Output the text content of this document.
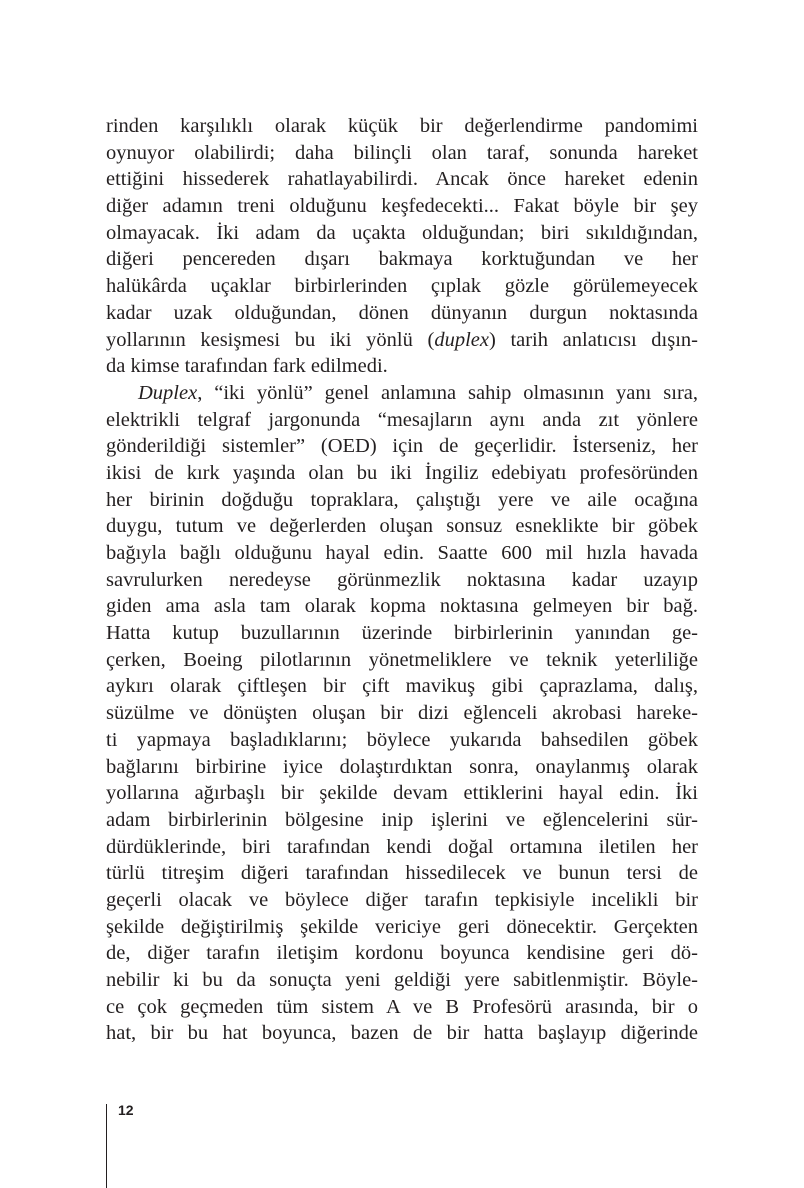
rinden karşılıklı olarak küçük bir değerlendirme pandomimi
oynuyor olabilirdi; daha bilinçli olan taraf, sonunda hareket
ettiğini hissederek rahatlayabilirdi. Ancak önce hareket edenin
diğer adamın treni olduğunu keşfedecekti... Fakat böyle bir şey
olmayacak. İki adam da uçakta olduğundan; biri sıkıldığından,
diğeri pencereden dışarı bakmaya korktuğundan ve her
halükârda uçaklar birbirlerinden çıplak gözle görülemeyecek
kadar uzak olduğundan, dönen dünyanın durgun noktasında
yollarının kesişmesi bu iki yönlü (duplex) tarih anlatıcısı dışın-
da kimse tarafından fark edilmedi.
Duplex, “iki yönlü” genel anlamına sahip olmasının yanı sıra,
elektrikli telgraf jargonunda “mesajların aynı anda zıt yönlere
gönderildiği sistemler” (OED) için de geçerlidir. İsterseniz, her
ikisi de kırk yaşında olan bu iki İngiliz edebiyatı profesöründen
her birinin doğduğu topraklara, çalıştığı yere ve aile ocağına
duygu, tutum ve değerlerden oluşan sonsuz esneklikte bir göbek
bağıyla bağlı olduğunu hayal edin. Saatte 600 mil hızla havada
savrulurken neredeyse görünmezlik noktasına kadar uzayıp
giden ama asla tam olarak kopma noktasına gelmeyen bir bağ.
Hatta kutup buzullarının üzerinde birbirlerinin yanından ge-
çerken, Boeing pilotlarının yönetmeliklere ve teknik yeterliliğe
aykırı olarak çiftleşen bir çift mavikuş gibi çaprazlama, dalış,
süzülme ve dönüşten oluşan bir dizi eğlenceli akrobasi hareke-
ti yapmaya başladıklarını; böylece yukarıda bahsedilen göbek
bağlarını birbirine iyice dolaştırdıktan sonra, onaylanmış olarak
yollarına ağırbaşlı bir şekilde devam ettiklerini hayal edin. İki
adam birbirlerinin bölgesine inip işlerini ve eğlencelerini sür-
dürdüklerinde, biri tarafından kendi doğal ortamına iletilen her
türlü titreşim diğeri tarafından hissedilecek ve bunun tersi de
geçerli olacak ve böylece diğer tarafın tepkisiyle incelikli bir
şekilde değiştirilmiş şekilde vericiye geri dönecektir. Gerçekten
de, diğer tarafın iletişim kordonu boyunca kendisine geri dö-
nebilir ki bu da sonuçta yeni geldiği yere sabitlenmiştir. Böyle-
ce çok geçmeden tüm sistem A ve B Profesörü arasında, bir o
hat, bir bu hat boyunca, bazen de bir hatta başlayıp diğerinde
12
